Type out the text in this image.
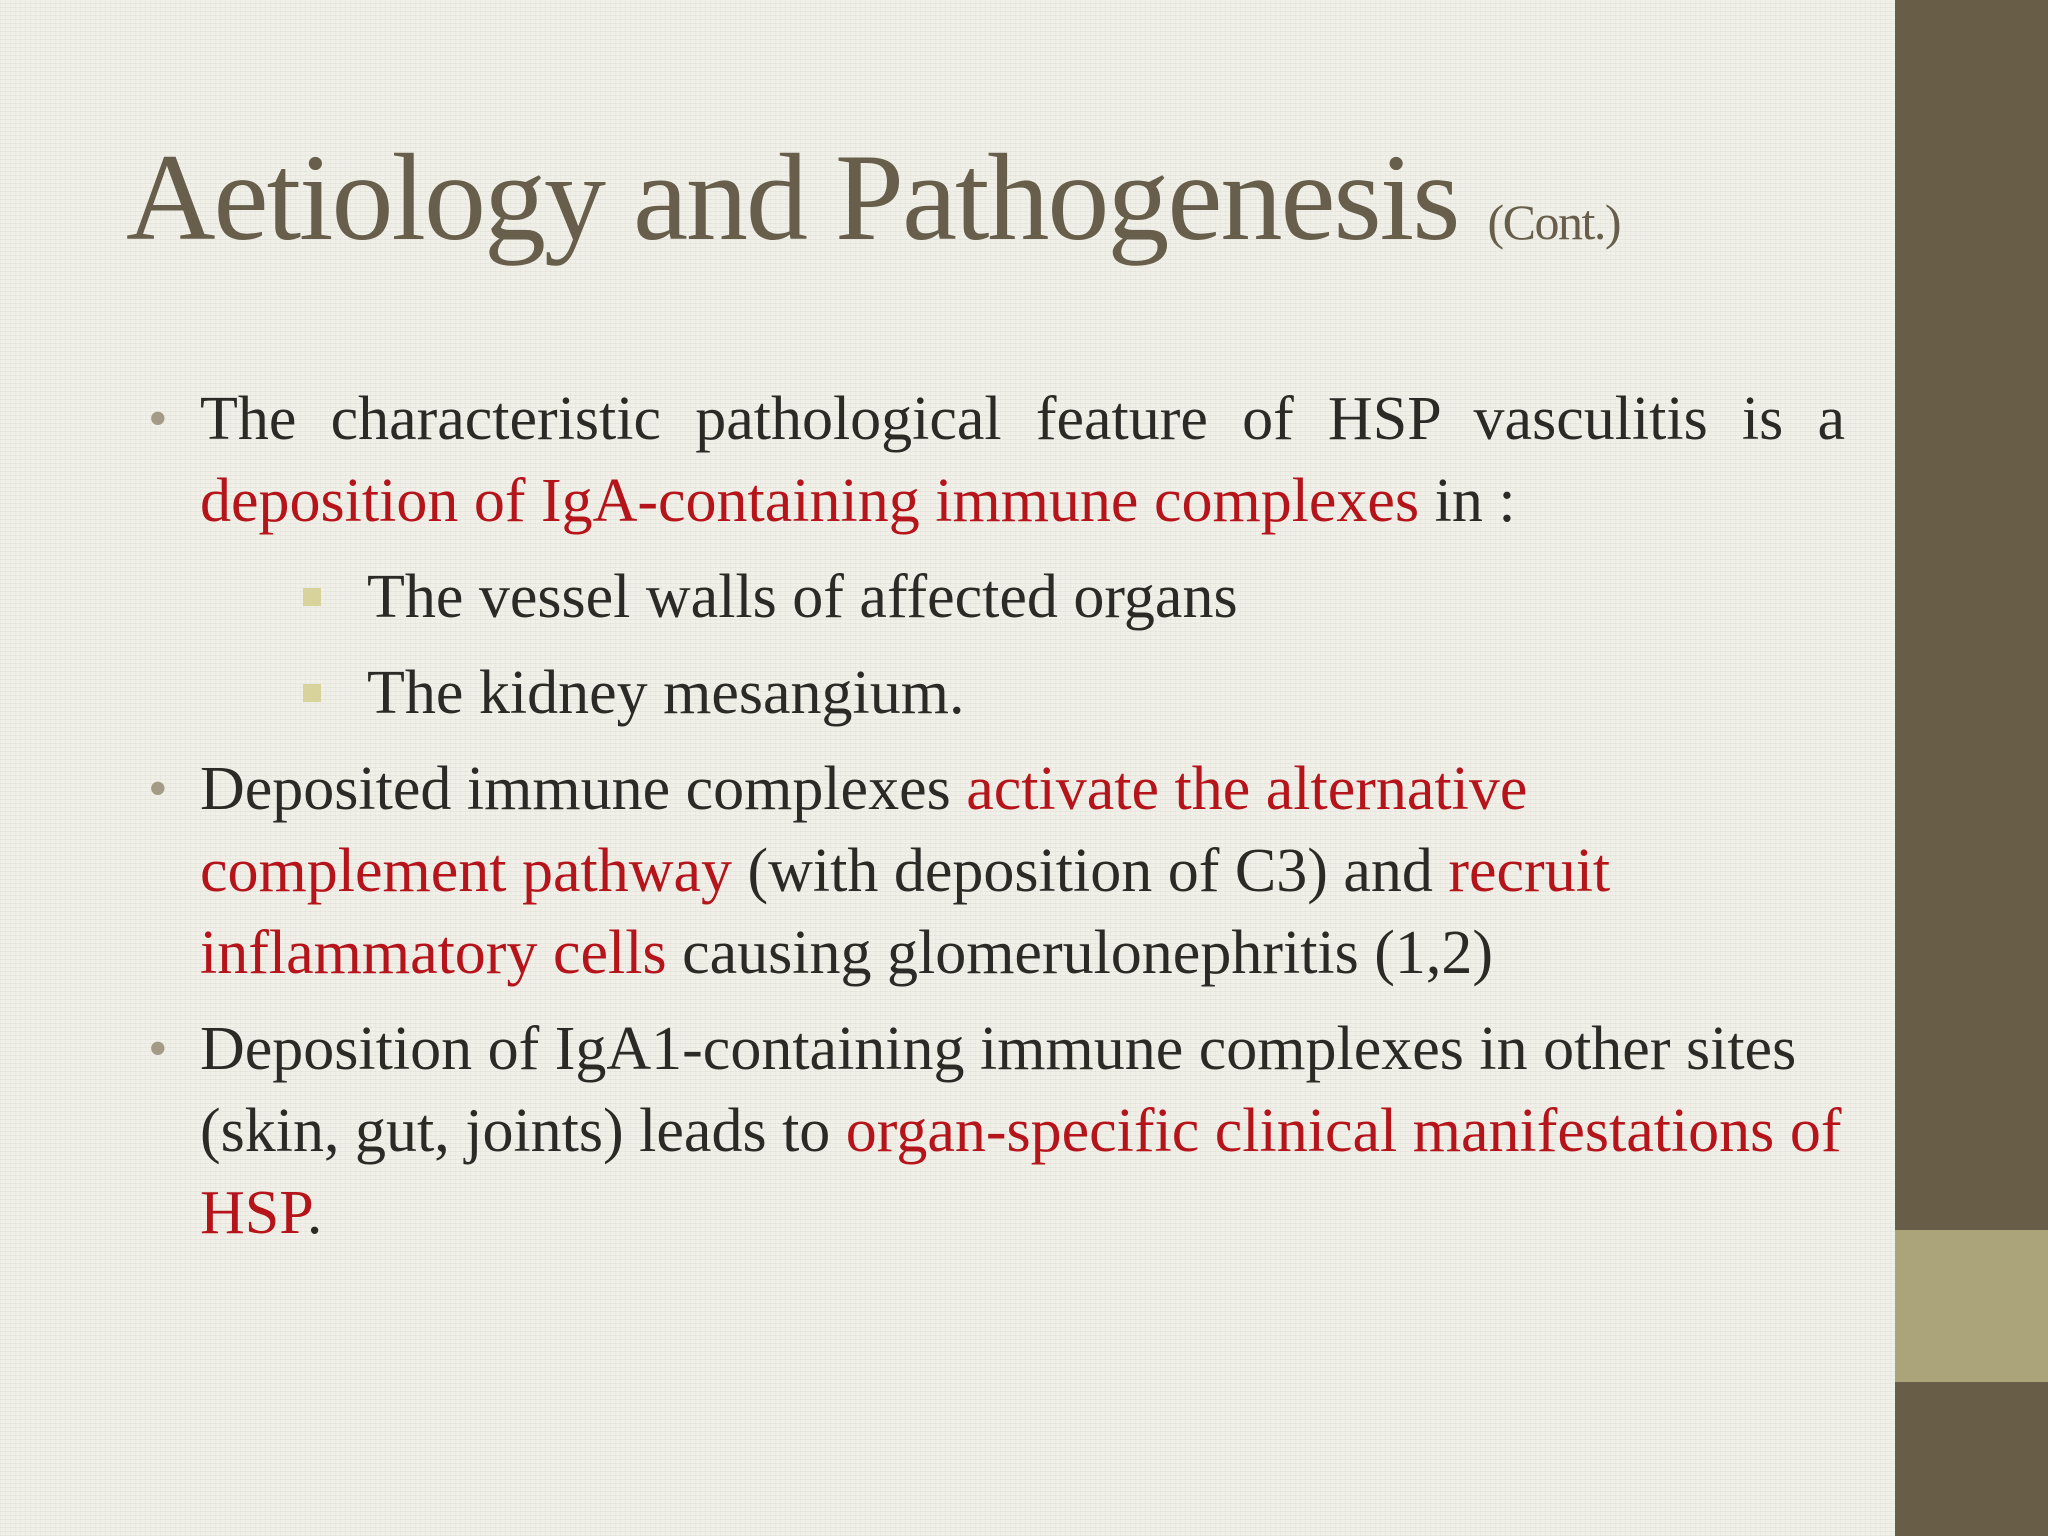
Aetiology and Pathogenesis (Cont.)

• The characteristic pathological feature of HSP vasculitis is a deposition of IgA-containing immune complexes in :

The vessel walls of affected organs
The kidney mesangium.

• Deposited immune complexes activate the alternative complement pathway (with deposition of C3) and recruit inflammatory cells causing glomerulonephritis (1,2)

• Deposition of IgA1-containing immune complexes in other sites (skin, gut, joints) leads to organ-specific clinical manifestations of HSP.
